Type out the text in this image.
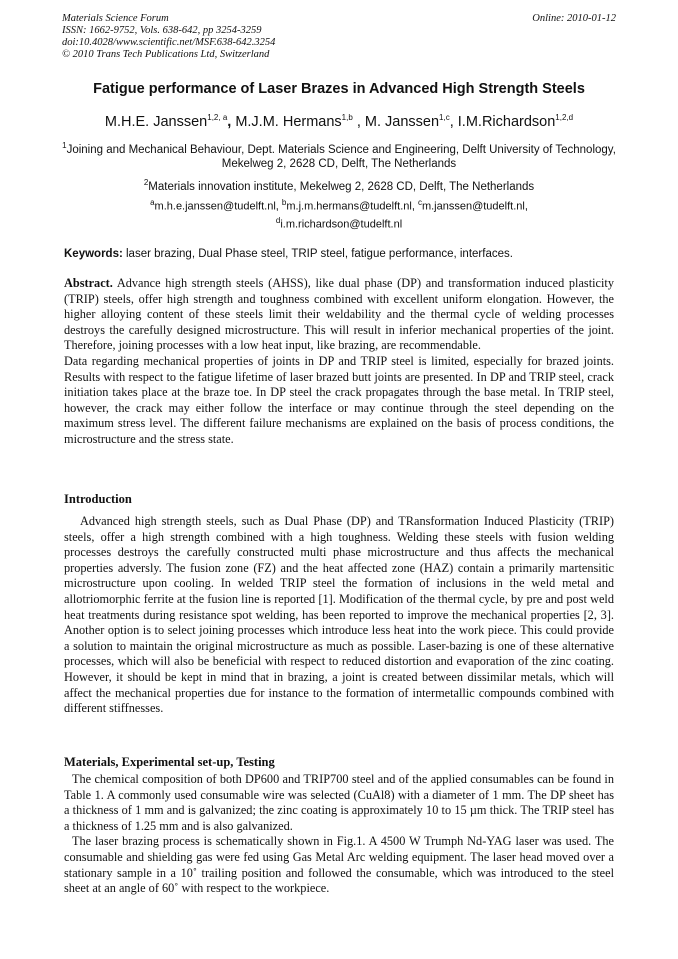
Materials Science Forum
ISSN: 1662-9752, Vols. 638-642, pp 3254-3259
doi:10.4028/www.scientific.net/MSF.638-642.3254
© 2010 Trans Tech Publications Ltd, Switzerland
Online: 2010-01-12
Fatigue performance of Laser Brazes in Advanced High Strength Steels
M.H.E. Janssen$^{1,2, a}$, M.J.M. Hermans$^{1,b}$ , M. Janssen$^{1,c}$, I.M.Richardson$^{1,2,d}$
$^1$Joining and Mechanical Behaviour, Dept. Materials Science and Engineering, Delft University of Technology, Mekelweg 2, 2628 CD, Delft, The Netherlands
$^2$Materials innovation institute, Mekelweg 2, 2628 CD, Delft, The Netherlands
$^a$m.h.e.janssen@tudelft.nl, $^b$m.j.m.hermans@tudelft.nl, $^c$m.janssen@tudelft.nl,
$^d$i.m.richardson@tudelft.nl
Keywords: laser brazing, Dual Phase steel, TRIP steel, fatigue performance, interfaces.

Abstract. Advance high strength steels (AHSS), like dual phase (DP) and transformation induced plasticity (TRIP) steels, offer high strength and toughness combined with excellent uniform elongation. However, the higher alloying content of these steels limit their weldability and the thermal cycle of welding processes destroys the carefully designed microstructure. This will result in inferior mechanical properties of the joint. Therefore, joining processes with a low heat input, like brazing, are recommendable.

Data regarding mechanical properties of joints in DP and TRIP steel is limited, especially for brazed joints. Results with respect to the fatigue lifetime of laser brazed butt joints are presented. In DP and TRIP steel, crack initiation takes place at the braze toe. In DP steel the crack propagates through the base metal. In TRIP steel, however, the crack may either follow the interface or may continue through the steel depending on the maximum stress level. The different failure mechanisms are explained on the basis of process conditions, the microstructure and the stress state.

Introduction

Advanced high strength steels, such as Dual Phase (DP) and TRansformation Induced Plasticity (TRIP) steels, offer a high strength combined with a high toughness. Welding these steels with fusion welding processes destroys the carefully constructed multi phase microstructure and thus affects the mechanical properties adversly. The fusion zone (FZ) and the heat affected zone (HAZ) contain a primarily martensitic microstructure upon cooling. In welded TRIP steel the formation of inclusions in the weld metal and allotriomorphic ferrite at the fusion line is reported [1]. Modification of the thermal cycle, by pre and post weld heat treatments during resistance spot welding, has been reported to improve the mechanical properties [2, 3]. Another option is to select joining processes which introduce less heat into the work piece. This could provide a solution to maintain the original microstructure as much as possible. Laser-bazing is one of these alternative processes, which will also be beneficial with respect to reduced distortion and evaporation of the zinc coating. However, it should be kept in mind that in brazing, a joint is created between dissimilar metals, which will affect the mechanical properties due for instance to the formation of intermetallic compounds combined with different stiffnesses.

Materials, Experimental set-up, Testing

The chemical composition of both DP600 and TRIP700 steel and of the applied consumables can be found in Table 1. A commonly used consumable wire was selected (CuAl8) with a diameter of 1 mm. The DP sheet has a thickness of 1 mm and is galvanized; the zinc coating is approximately 10 to 15 µm thick. The TRIP steel has a thickness of 1.25 mm and is also galvanized.

The laser brazing process is schematically shown in Fig.1. A 4500 W Trumph Nd-YAG laser was used. The consumable and shielding gas were fed using Gas Metal Arc welding equipment. The laser head moved over a stationary sample in a 10˚ trailing position and followed the consumable, which was introduced to the steel sheet at an angle of 60˚ with respect to the workpiece.
